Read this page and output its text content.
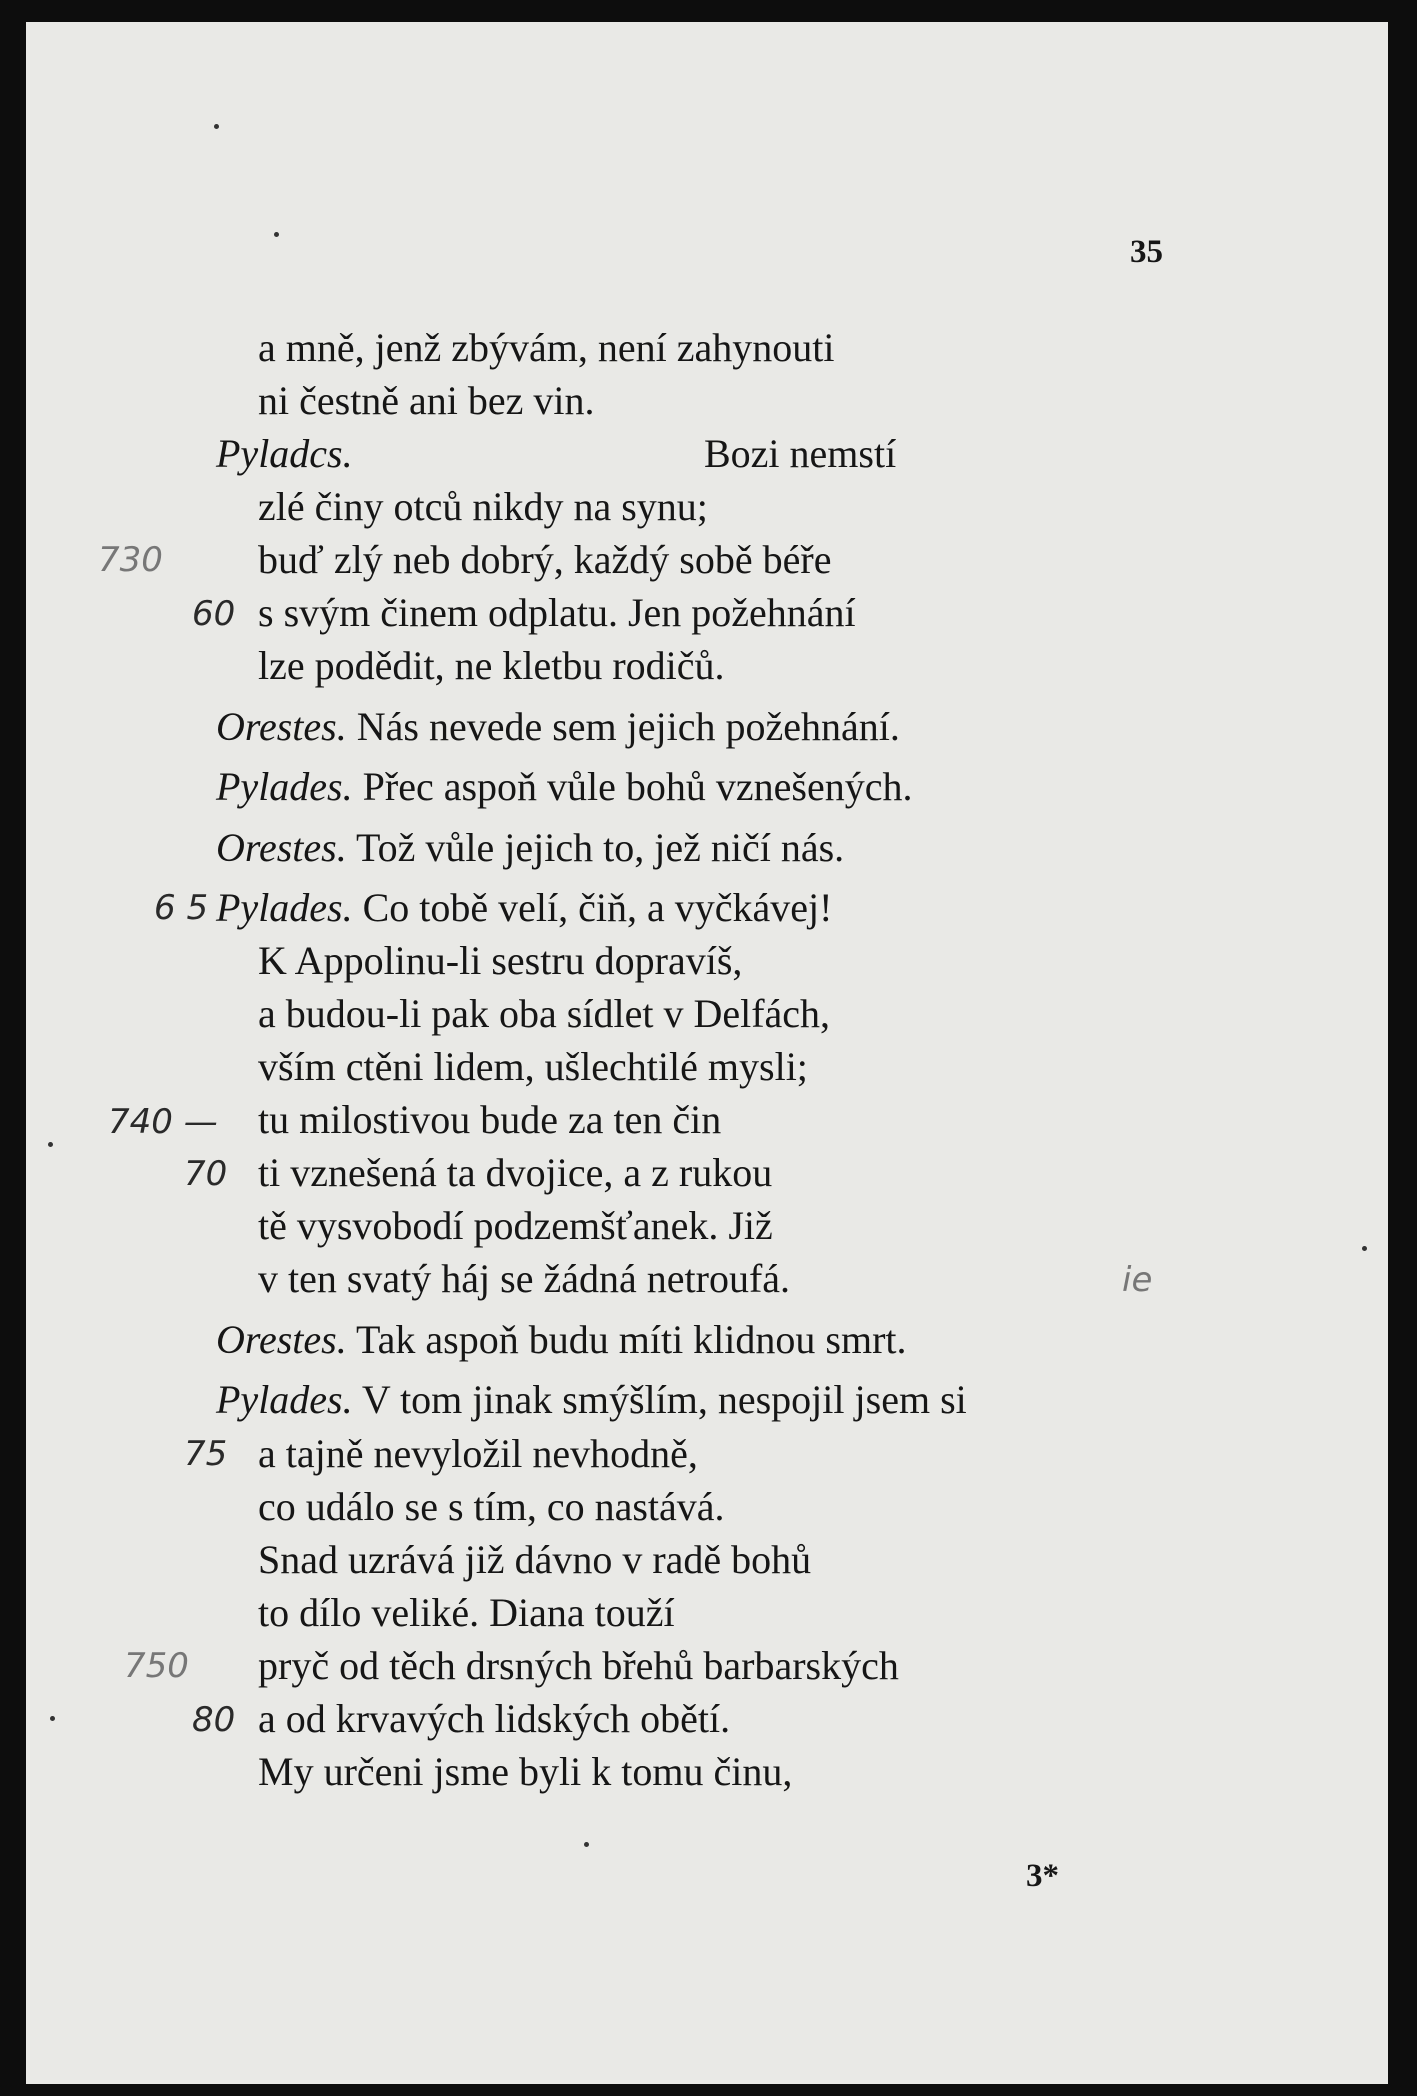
35
a mně, jenž zbývám, není zahynouti
ni čestně ani bez vin.
Pyladcs.	Bozi nemstí
zlé činy otců nikdy na synu;
buď zlý neb dobrý, každý sobě béře
s svým činem odplatu. Jen požehnání
lze podědit, ne kletbu rodičů.
Orestes. Nás nevede sem jejich požehnání.
Pylades. Přec aspoň vůle bohů vznešených.
Orestes. Tož vůle jejich to, jež ničí nás.
Pylades. Co tobě velí, čiň, a vyčkávej!
K Appolinu-li sestru dopravíš,
a budou-li pak oba sídlet v Delfách,
vším ctěni lidem, ušlechtilé mysli;
tu milostivou bude za ten čin
ti vznešená ta dvojice, a z rukou
tě vysvobodí podzemšťanek. Již
v ten svatý háj se žádná netroufá.
Orestes. Tak aspoň budu míti klidnou smrt.
Pylades. V tom jinak smýšlím, nespojil jsem si
a tajně nevyložil nevhodně,
co událo se s tím, co nastává.
Snad uzrává již dávno v radě bohů
to dílo veliké. Diana touží
pryč od těch drsných břehů barbarských
a od krvavých lidských obětí.
My určeni jsme byli k tomu činu,
730
60
6 5
740 —
70
75
750
80
ie
3*
